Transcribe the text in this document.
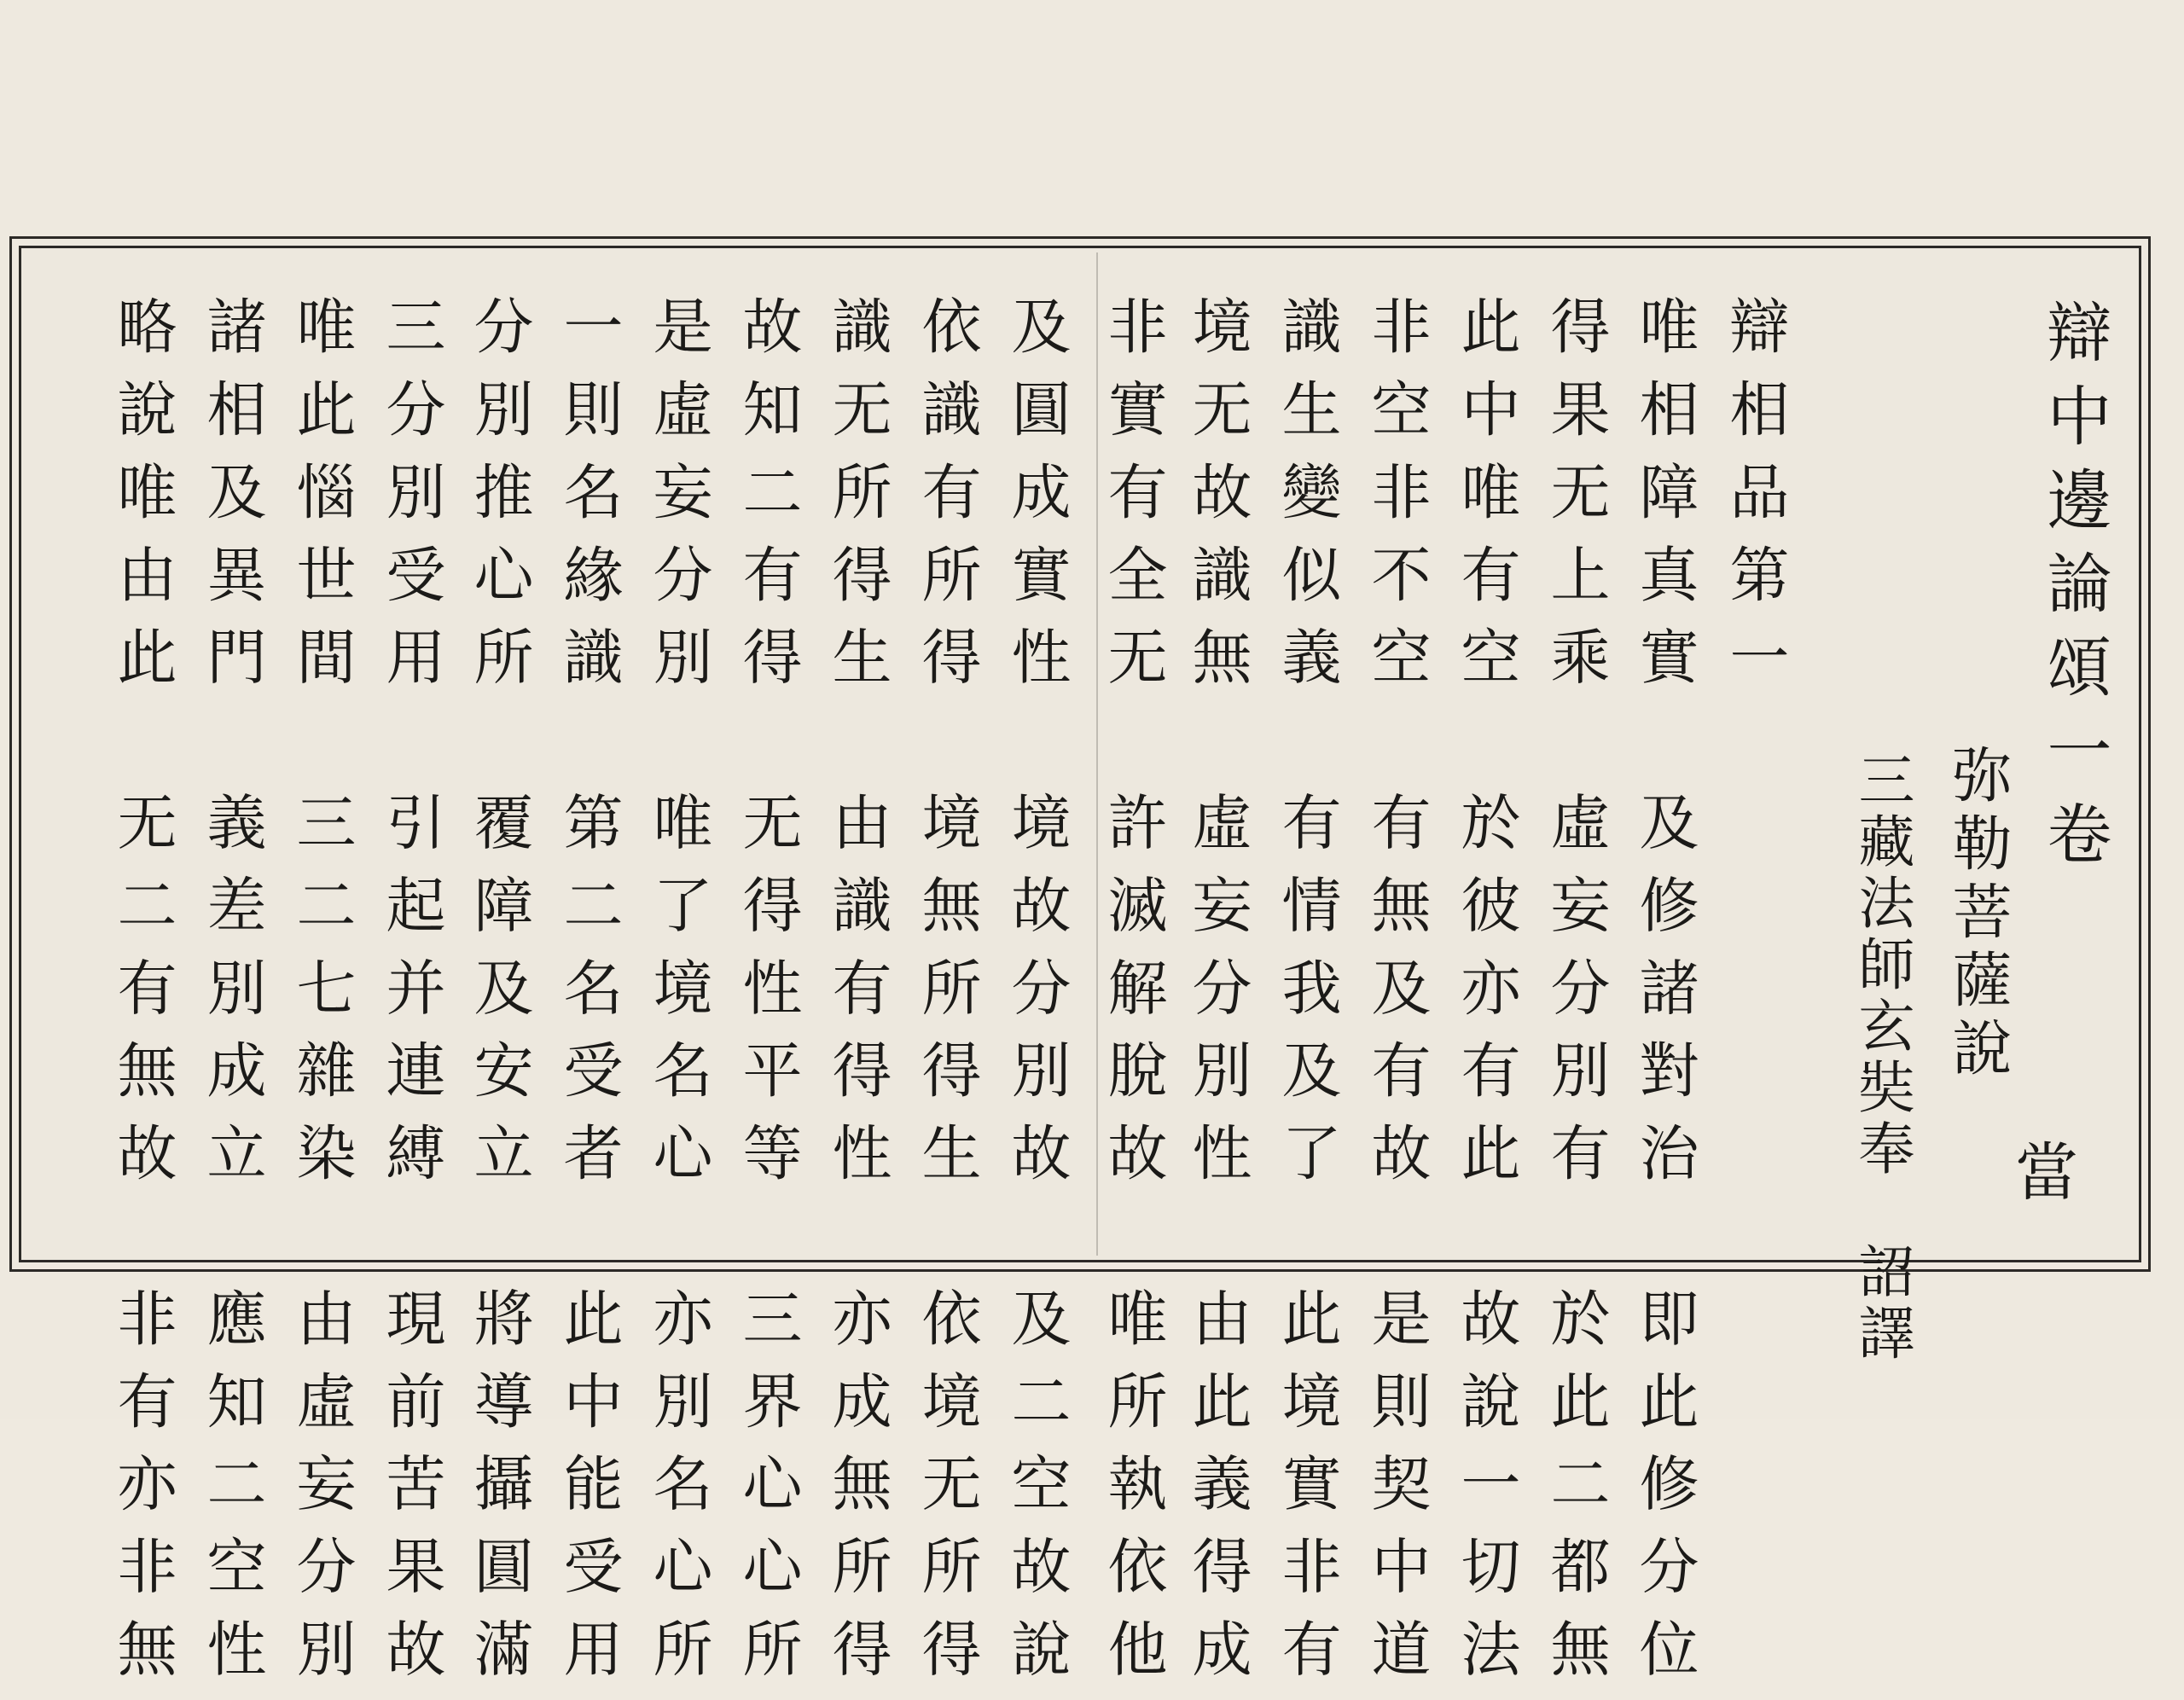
辯中邊論頌一卷
弥勒菩薩說
三藏法師玄奘奉　詔譯 當
辯相品第一
唯相障真實　及修諸對治　即此修分位
得果无上乘　虛妄分別有　於此二都無
此中唯有空　於彼亦有此　故說一切法
非空非不空　有無及有故　是則契中道
識生變似義　有情我及了　此境實非有
境无故識無　虛妄分別性　由此義得成
非實有全无　許滅解脫故　唯所執依他
及圓成實性　境故分別故　及二空故說
依識有所得　境無所得生　依境无所得
識无所得生　由識有得性　亦成無所得
故知二有得　无得性平等　三界心心所
是虛妄分別　唯了境名心　亦別名心所
一則名緣識　第二名受者　此中能受用
分別推心所　覆障及安立　將導攝圓滿
三分別受用　引起并連縛　現前苦果故
唯此惱世間　三二七雜染　由虛妄分別
諸相及異門　義差別成立　應知二空性
略說唯由此　无二有無故　非有亦非無
